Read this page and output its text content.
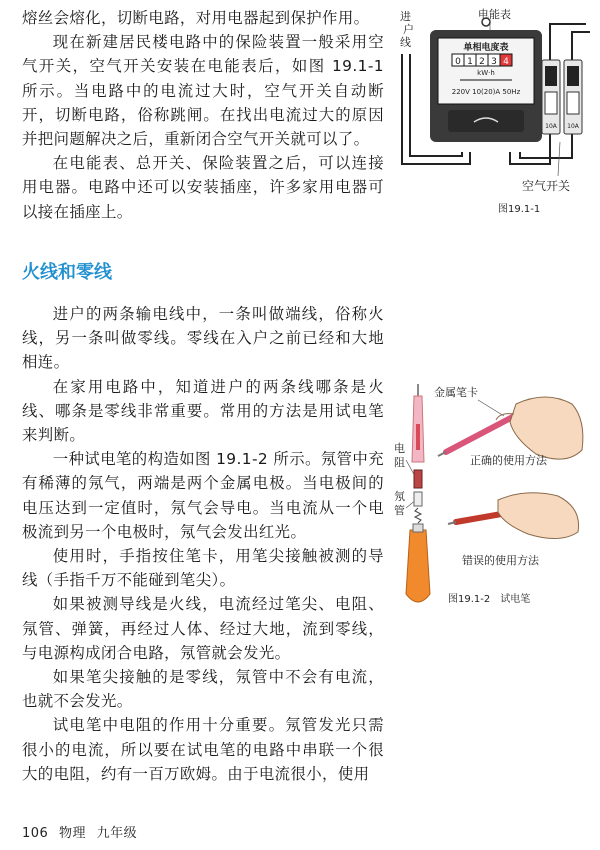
熔丝会熔化，切断电路，对用电器起到保护作用。

现在新建居民楼电路中的保险装置一般采用空气开关，空气开关安装在电能表后，如图 19.1-1 所示。当电路中的电流过大时，空气开关自动断开，切断电路，俗称跳闸。在找出电流过大的原因并把问题解决之后，重新闭合空气开关就可以了。

在电能表、总开关、保险装置之后，可以连接用电器。电路中还可以安装插座，许多家用电器可以接在插座上。

火线和零线

进户的两条输电线中，一条叫做端线，俗称火线，另一条叫做零线。零线在入户之前已经和大地相连。

在家用电路中，知道进户的两条线哪条是火线、哪条是零线非常重要。常用的方法是用试电笔来判断。

一种试电笔的构造如图 19.1-2 所示。氖管中充有稀薄的氖气，两端是两个金属电极。当电极间的电压达到一定值时，氖气会导电。当电流从一个电极流到另一个电极时，氖气会发出红光。

使用时，手指按住笔卡，用笔尖接触被测的导线（手指千万不能碰到笔尖）。

如果被测导线是火线，电流经过笔尖、电阻、氖管、弹簧，再经过人体、经过大地，流到零线，与电源构成闭合电路，氖管就会发光。

如果笔尖接触的是零线，氖管中不会有电流，也就不会发光。

试电笔中电阻的作用十分重要。氖管发光只需很小的电流，所以要在试电笔的电路中串联一个很大的电阻，约有一百万欧姆。由于电流很小，使用

进
户
线
电能表
单相电度表
0 1 2 3 4
kW·h
220V 10(20)A 50Hz
10A 10A
空气开关
图19.1-1
金属笔卡
电
阻
氖
管
正确的使用方法
错误的使用方法
图19.1-2　试电笔
106 物理 九年级
